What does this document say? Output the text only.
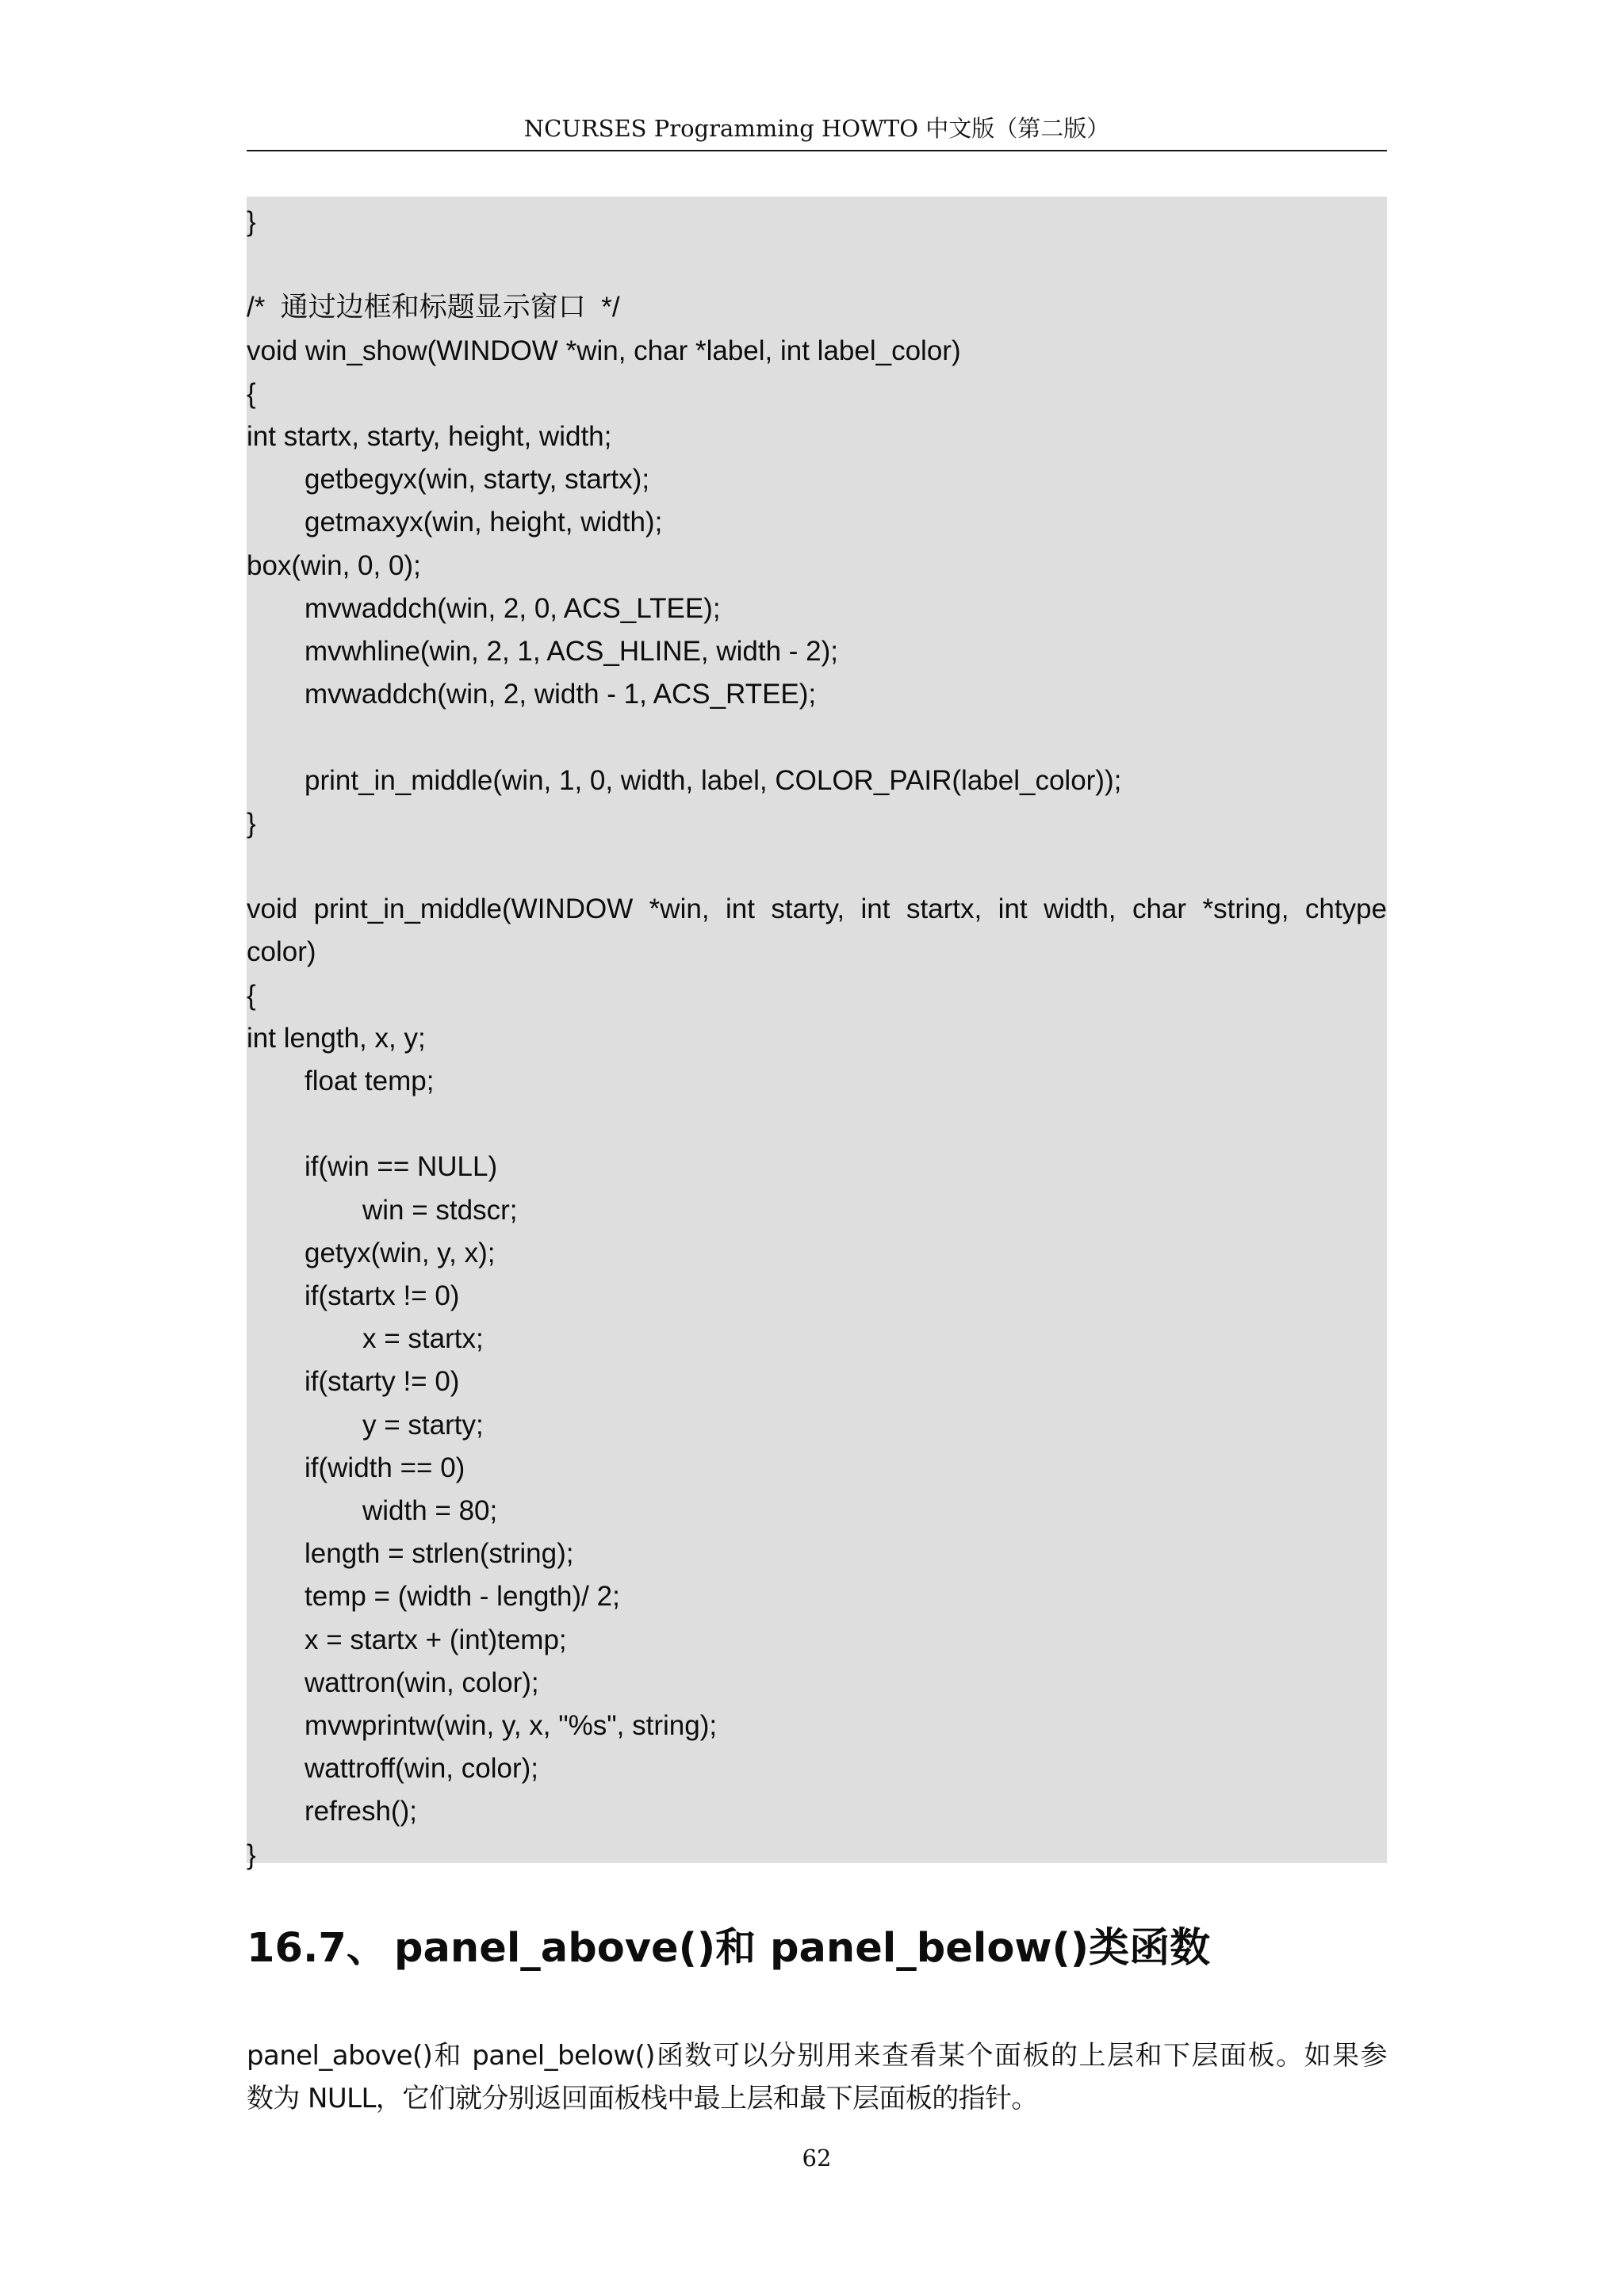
NCURSES Programming HOWTO 中文版（第二版）
}
/*  通过边框和标题显示窗口  */
void win_show(WINDOW *win, char *label, int label_color)
{
int startx, starty, height, width;
getbegyx(win, starty, startx);
getmaxyx(win, height, width);
box(win, 0, 0);
mvwaddch(win, 2, 0, ACS_LTEE);
mvwhline(win, 2, 1, ACS_HLINE, width - 2);
mvwaddch(win, 2, width - 1, ACS_RTEE);
print_in_middle(win, 1, 0, width, label, COLOR_PAIR(label_color));
}
void print_in_middle(WINDOW *win, int starty, int startx, int width, char *string, chtype
color)
{
int length, x, y;
float temp;
if(win == NULL)
win = stdscr;
getyx(win, y, x);
if(startx != 0)
x = startx;
if(starty != 0)
y = starty;
if(width == 0)
width = 80;
length = strlen(string);
temp = (width - length)/ 2;
x = startx + (int)temp;
wattron(win, color);
mvwprintw(win, y, x, "%s", string);
wattroff(win, color);
refresh();
}
16.7、 panel_above()和 panel_below()类函数
panel_above()和 panel_below()函数可以分别用来查看某个面板的上层和下层面板。如果参
数为 NULL，它们就分别返回面板栈中最上层和最下层面板的指针。
62
